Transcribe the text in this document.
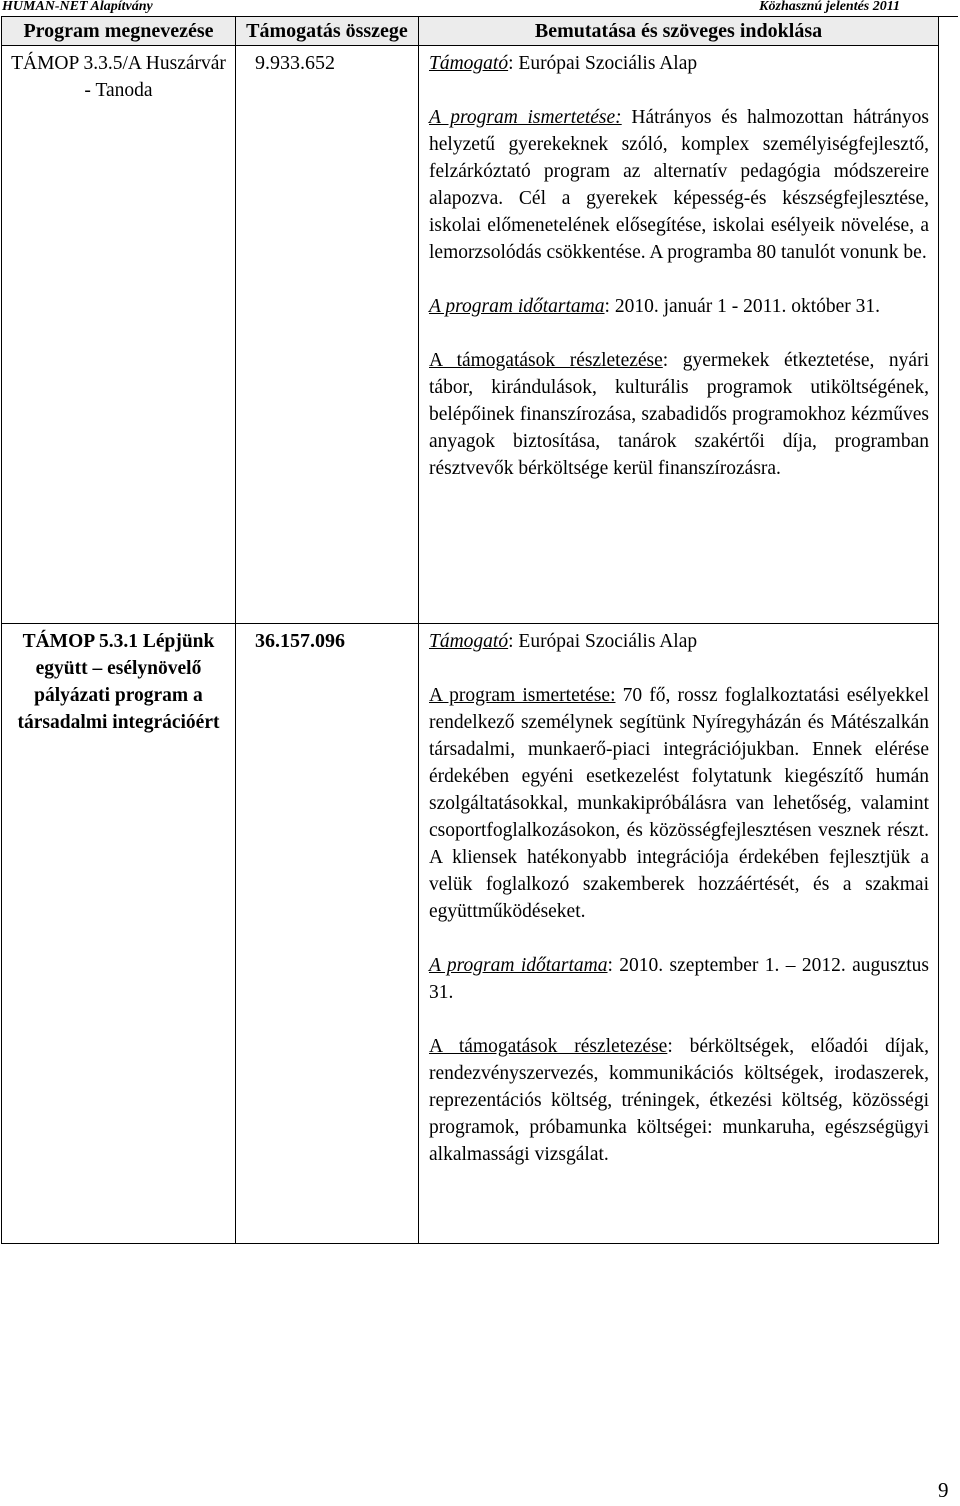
HUMAN-NET Alapítvány	Közhasznú jelentés 2011
Program megnevezése	Támogatás összege	Bemutatása és szöveges indoklása

TÁMOP 3.3.5/A Huszárvár - Tanoda	9.933.652	Támogató: Európai Szociális Alap

A program ismertetése: Hátrányos és halmozottan hátrányos helyzetű gyerekeknek szóló, komplex személyiségfejlesztő, felzárkóztató program az alternatív pedagógia módszereire alapozva. Cél a gyerekek képesség-és készségfejlesztése, iskolai előmenetelének elősegítése, iskolai esélyeik növelése, a lemorzsolódás csökkentése. A programba 80 tanulót vonunk be.

A program időtartama: 2010. január 1 - 2011. október 31.

A támogatások részletezése: gyermekek étkeztetése, nyári tábor, kirándulások, kulturális programok utiköltségének, belépőinek finanszírozása, szabadidős programokhoz kézműves anyagok biztosítása, tanárok szakértői díja, programban résztvevők bérköltsége kerül finanszírozásra.

TÁMOP 5.3.1 Lépjünk együtt – esélynövelő pályázati program a társadalmi integrációért	36.157.096	Támogató: Európai Szociális Alap

A program ismertetése: 70 fő, rossz foglalkoztatási esélyekkel rendelkező személynek segítünk Nyíregyházán és Mátészalkán társadalmi, munkaerő-piaci integrációjukban. Ennek elérése érdekében egyéni esetkezelést folytatunk kiegészítő humán szolgáltatásokkal, munkakipróbálásra van lehetőség, valamint csoportfoglalkozásokon, és közösségfejlesztésen vesznek részt. A kliensek hatékonyabb integrációja érdekében fejlesztjük a velük foglalkozó szakemberek hozzáértését, és a szakmai együttműködéseket.

A program időtartama: 2010. szeptember 1. – 2012. augusztus 31.

A támogatások részletezése: bérköltségek, előadói díjak, rendezvényszervezés, kommunikációs költségek, irodaszerek, reprezentációs költség, tréningek, étkezési költség, közösségi programok, próbamunka költségei: munkaruha, egészségügyi alkalmassági vizsgálat.

9
